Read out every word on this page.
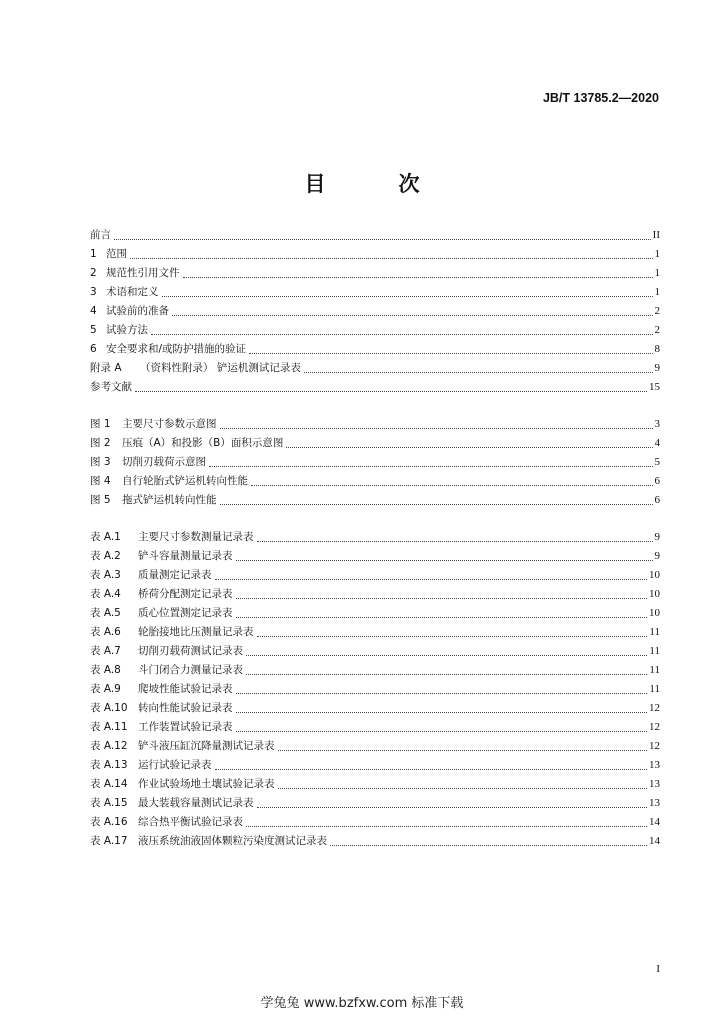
JB/T 13785.2—2020
目　次
前言	II
1 范围	1
2 规范性引用文件	1
3 术语和定义	1
4 试验前的准备	2
5 试验方法	2
6 安全要求和/或防护措施的验证	8
附录 A	（资料性附录） 铲运机测试记录表	9
参考文献	15
图 1	主要尺寸参数示意图	3
图 2	压痕（A）和投影（B）面积示意图	4
图 3	切削刃载荷示意图	5
图 4	自行轮胎式铲运机转向性能	6
图 5	拖式铲运机转向性能	6
表 A.1	主要尺寸参数测量记录表	9
表 A.2	铲斗容量测量记录表	9
表 A.3	质量测定记录表	10
表 A.4	桥荷分配测定记录表	10
表 A.5	质心位置测定记录表	10
表 A.6	轮胎接地比压测量记录表	11
表 A.7	切削刃载荷测试记录表	11
表 A.8	斗门闭合力测量记录表	11
表 A.9	爬坡性能试验记录表	11
表 A.10 转向性能试验记录表	12
表 A.11 工作装置试验记录表	12
表 A.12 铲斗液压缸沉降量测试记录表	12
表 A.13 运行试验记录表	13
表 A.14 作业试验场地土壤试验记录表	13
表 A.15 最大装载容量测试记录表	13
表 A.16 综合热平衡试验记录表	14
表 A.17 液压系统油液固体颗粒污染度测试记录表	14
I
学兔兔 www.bzfxw.com 标准下载
